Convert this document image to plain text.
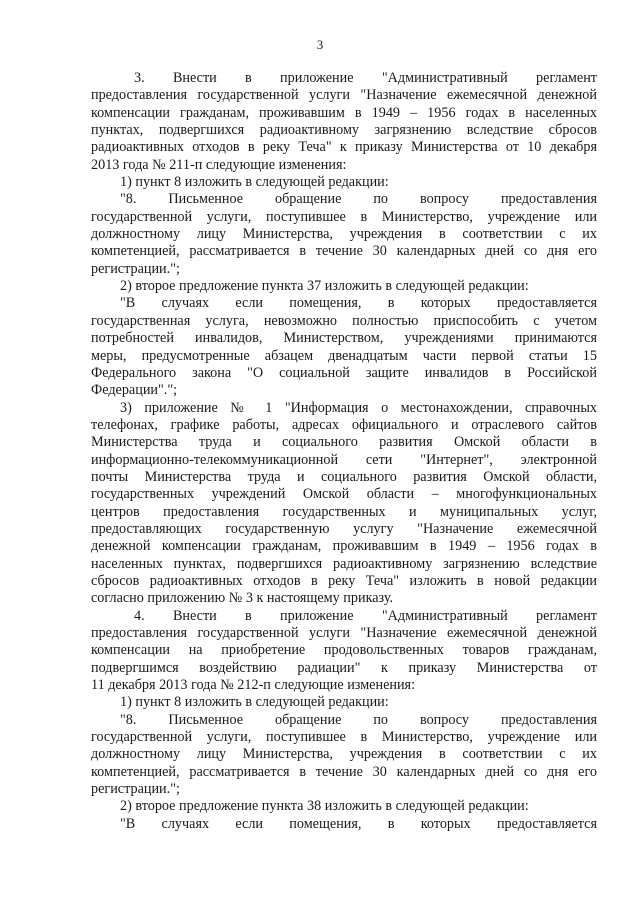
3
3. Внести в приложение "Административный регламент
предоставления государственной услуги "Назначение ежемесячной денежной
компенсации гражданам, проживавшим в 1949 – 1956 годах в населенных
пунктах, подвергшихся радиоактивному загрязнению вследствие сбросов
радиоактивных отходов в реку Теча" к приказу Министерства от 10 декабря
2013 года № 211-п следующие изменения:
1) пункт 8 изложить в следующей редакции:
"8. Письменное обращение по вопросу предоставления
государственной услуги, поступившее в Министерство, учреждение или
должностному лицу Министерства, учреждения в соответствии с их
компетенцией, рассматривается в течение 30 календарных дней со дня его
регистрации.";
2) второе предложение пункта 37 изложить в следующей редакции:
"В случаях если помещения, в которых предоставляется
государственная услуга, невозможно полностью приспособить с учетом
потребностей инвалидов, Министерством, учреждениями принимаются
меры, предусмотренные абзацем двенадцатым части первой статьи 15
Федерального закона "О социальной защите инвалидов в Российской
Федерации".";
3) приложение № 1 "Информация о местонахождении, справочных
телефонах, графике работы, адресах официального и отраслевого сайтов
Министерства труда и социального развития Омской области в
информационно-телекоммуникационной сети "Интернет", электронной
почты Министерства труда и социального развития Омской области,
государственных учреждений Омской области – многофункциональных
центров предоставления государственных и муниципальных услуг,
предоставляющих государственную услугу "Назначение ежемесячной
денежной компенсации гражданам, проживавшим в 1949 – 1956 годах в
населенных пунктах, подвергшихся радиоактивному загрязнению вследствие
сбросов радиоактивных отходов в реку Теча" изложить в новой редакции
согласно приложению № 3 к настоящему приказу.
4. Внести в приложение "Административный регламент
предоставления государственной услуги "Назначение ежемесячной денежной
компенсации на приобретение продовольственных товаров гражданам,
подвергшимся воздействию радиации" к приказу Министерства от
11 декабря 2013 года № 212-п следующие изменения:
1) пункт 8 изложить в следующей редакции:
"8. Письменное обращение по вопросу предоставления
государственной услуги, поступившее в Министерство, учреждение или
должностному лицу Министерства, учреждения в соответствии с их
компетенцией, рассматривается в течение 30 календарных дней со дня его
регистрации.";
2) второе предложение пункта 38 изложить в следующей редакции:
"В случаях если помещения, в которых предоставляется
